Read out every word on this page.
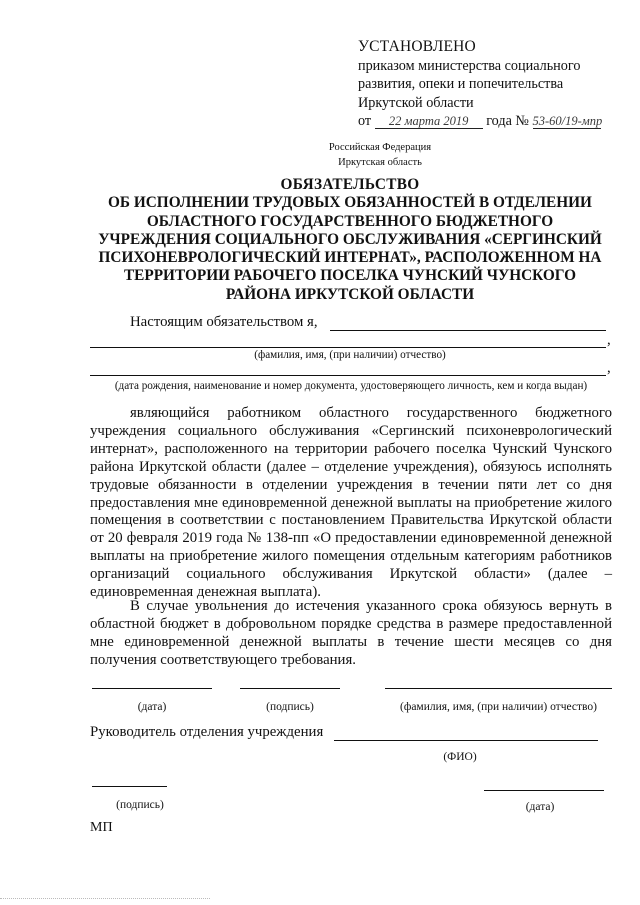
УСТАНОВЛЕНО
приказом министерства социального
развития, опеки и попечительства
Иркутской области
от 22 марта 2019 года № 53-60/19-мпр
Российская Федерация
Иркутская область
ОБЯЗАТЕЛЬСТВО
ОБ ИСПОЛНЕНИИ ТРУДОВЫХ ОБЯЗАННОСТЕЙ В ОТДЕЛЕНИИ
ОБЛАСТНОГО ГОСУДАРСТВЕННОГО БЮДЖЕТНОГО
УЧРЕЖДЕНИЯ СОЦИАЛЬНОГО ОБСЛУЖИВАНИЯ «СЕРГИНСКИЙ
ПСИХОНЕВРОЛОГИЧЕСКИЙ ИНТЕРНАТ», РАСПОЛОЖЕННОМ НА
ТЕРРИТОРИИ РАБОЧЕГО ПОСЕЛКА ЧУНСКИЙ ЧУНСКОГО
РАЙОНА ИРКУТСКОЙ ОБЛАСТИ
Настоящим обязательством я,
,
(фамилия, имя, (при наличии) отчество)
,
(дата рождения, наименование и номер документа, удостоверяющего личность, кем и когда выдан)
являющийся работником областного государственного бюджетного учреждения социального обслуживания «Сергинский психоневрологический интернат», расположенного на территории рабочего поселка Чунский Чунского района Иркутской области (далее – отделение учреждения), обязуюсь исполнять трудовые обязанности в отделении учреждения в течении пяти лет со дня предоставления мне единовременной денежной выплаты на приобретение жилого помещения в соответствии с постановлением Правительства Иркутской области от 20 февраля 2019 года № 138-пп «О предоставлении единовременной денежной выплаты на приобретение жилого помещения отдельным категориям работников организаций социального обслуживания Иркутской области» (далее – единовременная денежная выплата).
В случае увольнения до истечения указанного срока обязуюсь вернуть в областной бюджет в добровольном порядке средства в размере предоставленной мне единовременной денежной выплаты в течение шести месяцев со дня получения соответствующего требования.
(дата)	(подпись)	(фамилия, имя, (при наличии) отчество)
Руководитель отделения учреждения
(ФИО)
(подпись)	(дата)
МП
